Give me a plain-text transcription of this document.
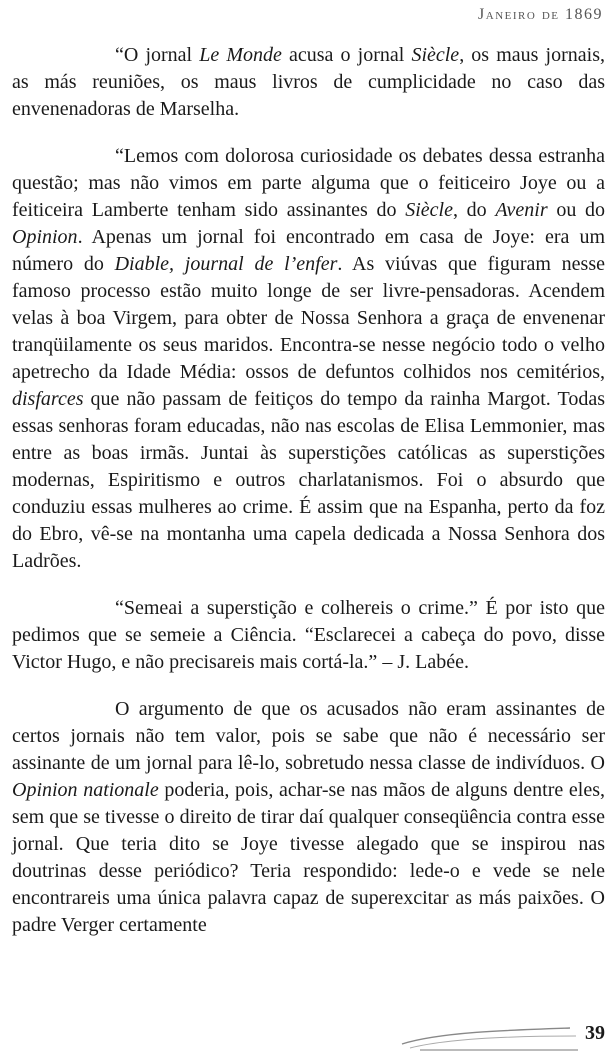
Janeiro de 1869

“O jornal Le Monde acusa o jornal Siècle, os maus jornais, as más reuniões, os maus livros de cumplicidade no caso das envenenadoras de Marselha.

“Lemos com dolorosa curiosidade os debates dessa estranha questão; mas não vimos em parte alguma que o feiticeiro Joye ou a feiticeira Lamberte tenham sido assinantes do Siècle, do Avenir ou do Opinion. Apenas um jornal foi encontrado em casa de Joye: era um número do Diable, journal de l’enfer. As viúvas que figuram nesse famoso processo estão muito longe de ser livre-pensadoras. Acendem velas à boa Virgem, para obter de Nossa Senhora a graça de envenenar tranqüilamente os seus maridos. Encontra-se nesse negócio todo o velho apetrecho da Idade Média: ossos de defuntos colhidos nos cemitérios, disfarces que não passam de feitiços do tempo da rainha Margot. Todas essas senhoras foram educadas, não nas escolas de Elisa Lemmonier, mas entre as boas irmãs. Juntai às superstições católicas as superstições modernas, Espiritismo e outros charlatanismos. Foi o absurdo que conduziu essas mulheres ao crime. É assim que na Espanha, perto da foz do Ebro, vê-se na montanha uma capela dedicada a Nossa Senhora dos Ladrões.

“Semeai a superstição e colhereis o crime.” É por isto que pedimos que se semeie a Ciência. “Esclarecei a cabeça do povo, disse Victor Hugo, e não precisareis mais cortá-la.” – J. Labée.

O argumento de que os acusados não eram assinantes de certos jornais não tem valor, pois se sabe que não é necessário ser assinante de um jornal para lê-lo, sobretudo nessa classe de indivíduos. O Opinion nationale poderia, pois, achar-se nas mãos de alguns dentre eles, sem que se tivesse o direito de tirar daí qualquer conseqüência contra esse jornal. Que teria dito se Joye tivesse alegado que se inspirou nas doutrinas desse periódico? Teria respondido: lede-o e vede se nele encontrareis uma única palavra capaz de superexcitar as más paixões. O padre Verger certamente

39
